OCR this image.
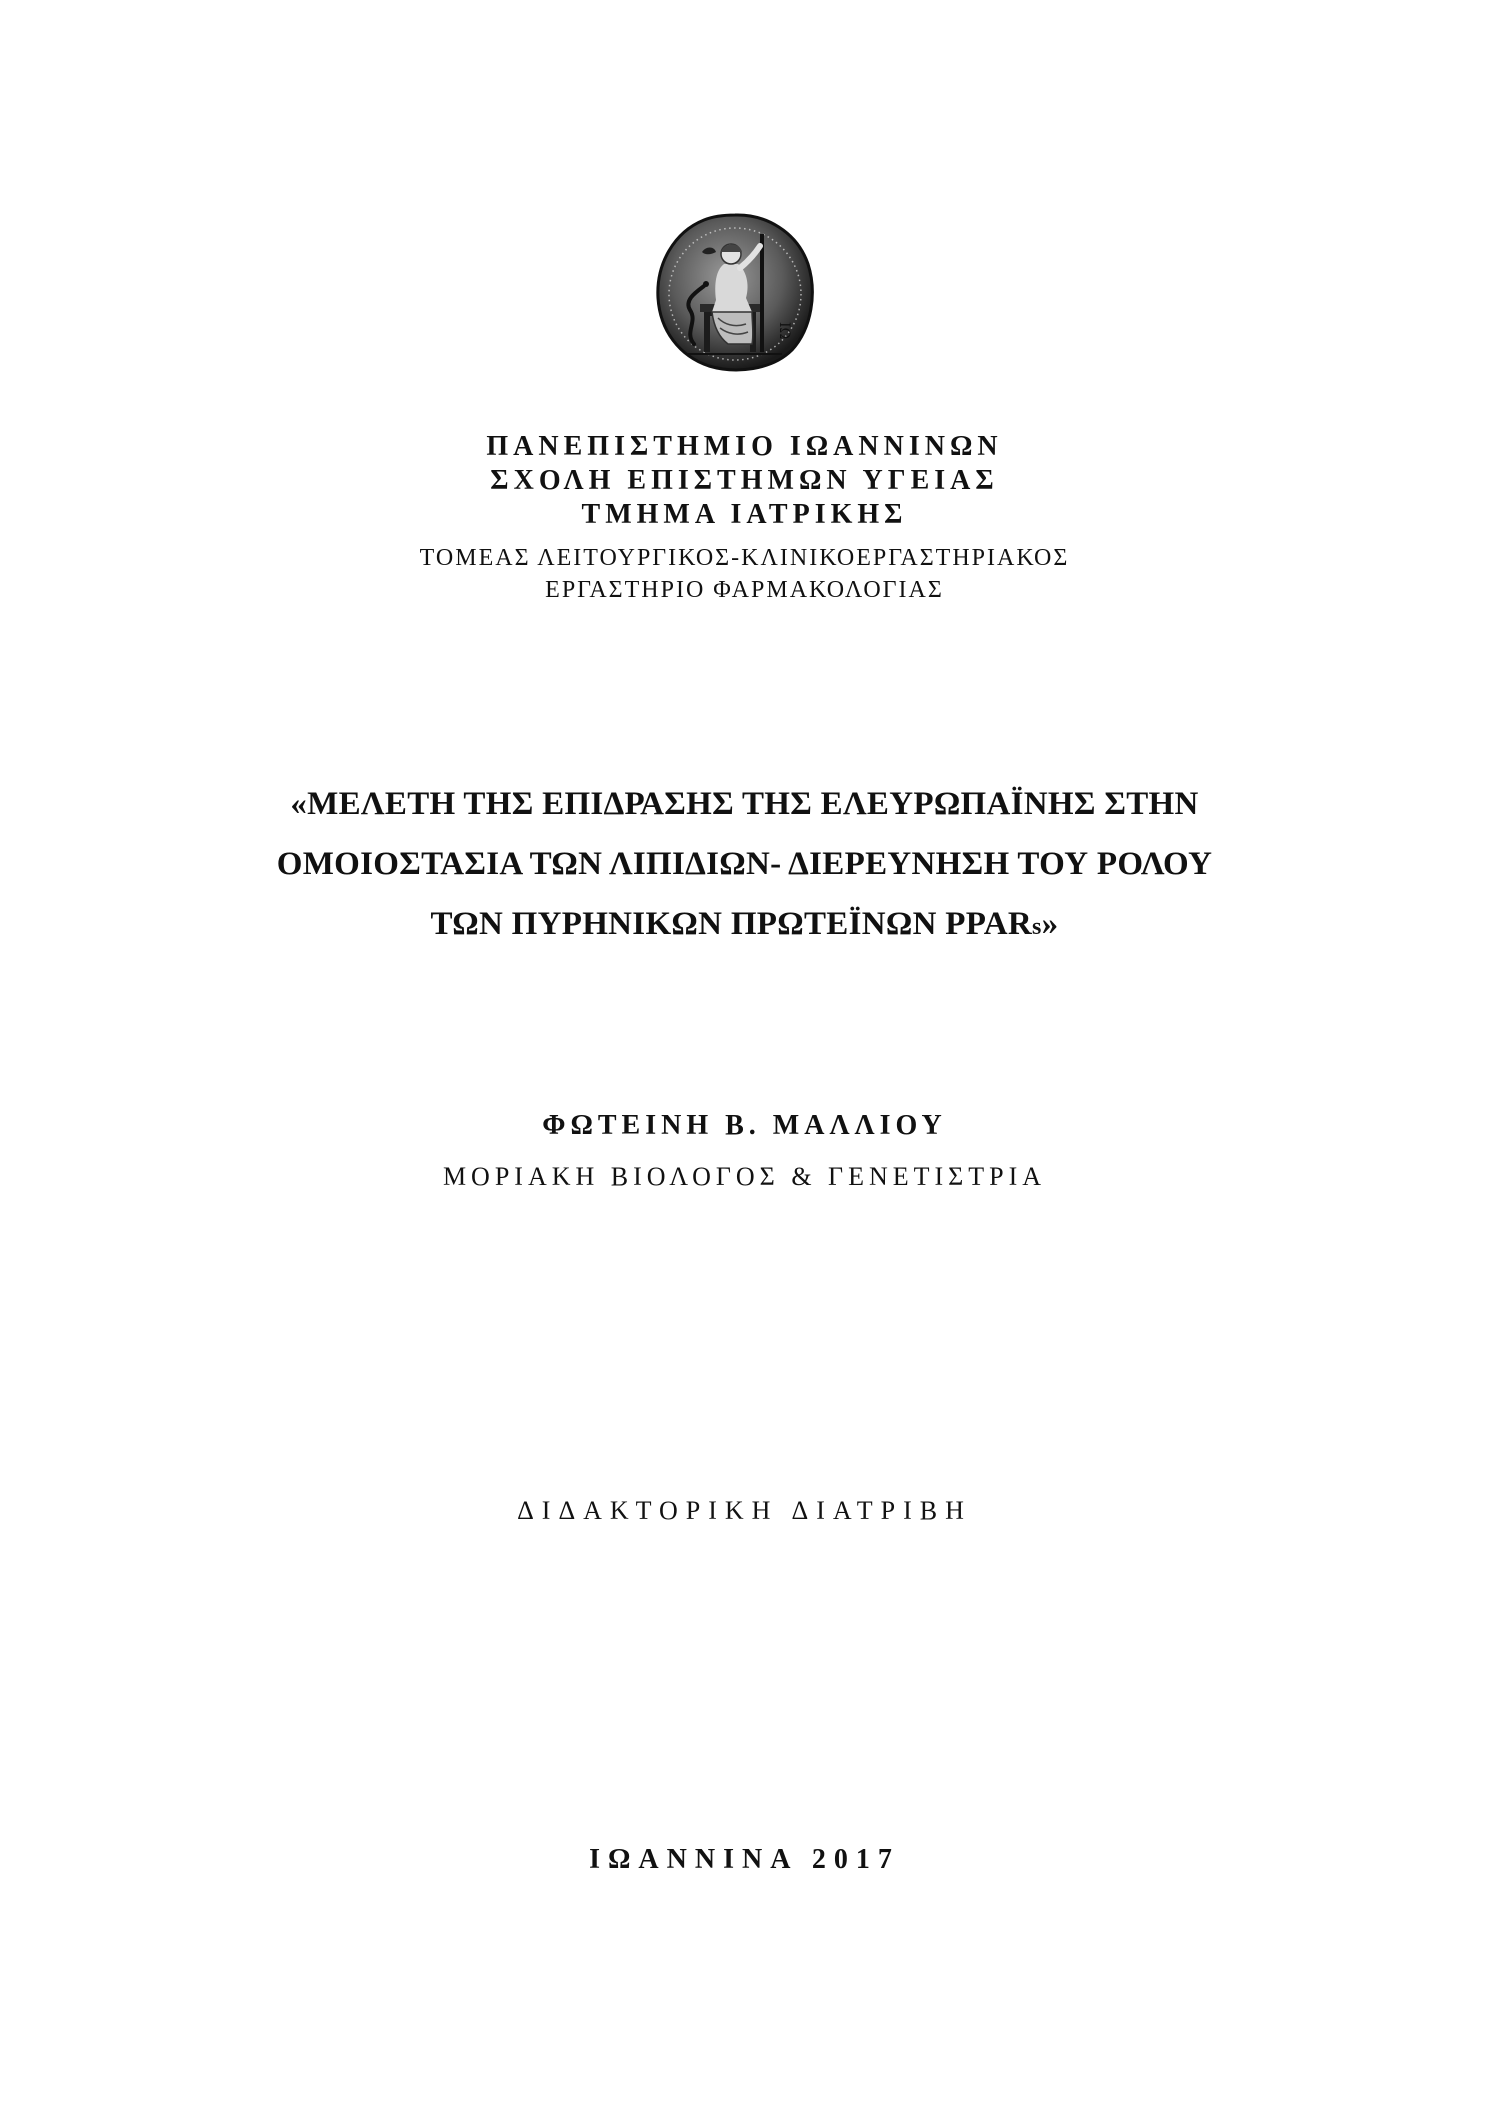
ΙΩ
ΠΑΝΕΠΙΣΤΗΜΙΟ ΙΩΑΝΝΙΝΩΝ
ΣΧΟΛΗ ΕΠΙΣΤΗΜΩΝ ΥΓΕΙΑΣ
ΤΜΗΜΑ ΙΑΤΡΙΚΗΣ
ΤΟΜΕΑΣ ΛΕΙΤΟΥΡΓΙΚΟΣ-ΚΛΙΝΙΚΟΕΡΓΑΣΤΗΡΙΑΚΟΣ
ΕΡΓΑΣΤΗΡΙΟ ΦΑΡΜΑΚΟΛΟΓΙΑΣ
«ΜΕΛΕΤΗ ΤΗΣ ΕΠΙΔΡΑΣΗΣ ΤΗΣ ΕΛΕΥΡΩΠΑΪΝΗΣ ΣΤΗΝ
ΟΜΟΙΟΣΤΑΣΙΑ ΤΩΝ ΛΙΠΙΔΙΩΝ- ΔΙΕΡΕΥΝΗΣΗ ΤΟΥ ΡΟΛΟΥ
ΤΩΝ ΠΥΡΗΝΙΚΩΝ ΠΡΩΤΕΪΝΩΝ PPARs»
ΦΩΤΕΙΝΗ Β. ΜΑΛΛΙΟΥ
ΜΟΡΙΑΚΗ ΒΙΟΛΟΓΟΣ & ΓΕΝΕΤΙΣΤΡΙΑ
ΔΙΔΑΚΤΟΡΙΚΗ ΔΙΑΤΡΙΒΗ
ΙΩΑΝΝΙΝΑ 2017
